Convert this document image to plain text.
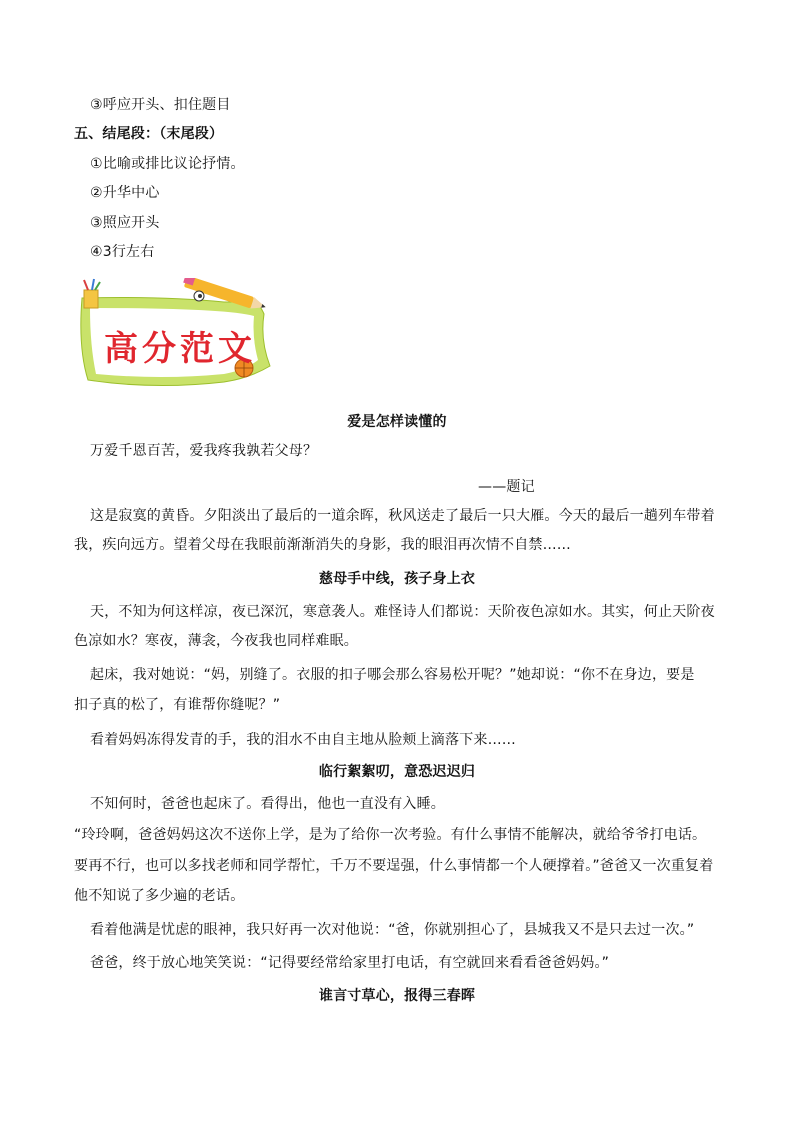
③呼应开头、扣住题目
五、结尾段：（末尾段）
①比喻或排比议论抒情。
②升华中心
③照应开头
④3行左右
高分范文
爱是怎样读懂的
万爱千恩百苦，爱我疼我孰若父母？
——题记
这是寂寞的黄昏。夕阳淡出了最后的一道余晖，秋风送走了最后一只大雁。今天的最后一趟列车带着
我，疾向远方。望着父母在我眼前渐渐消失的身影，我的眼泪再次情不自禁……
慈母手中线，孩子身上衣
天，不知为何这样凉，夜已深沉，寒意袭人。难怪诗人们都说：天阶夜色凉如水。其实，何止天阶夜
色凉如水？寒夜，薄衾，今夜我也同样难眠。
起床，我对她说：“妈，别缝了。衣服的扣子哪会那么容易松开呢？”她却说：“你不在身边，要是
扣子真的松了，有谁帮你缝呢？”
看着妈妈冻得发青的手，我的泪水不由自主地从脸颊上滴落下来……
临行絮絮叨，意恐迟迟归
不知何时，爸爸也起床了。看得出，他也一直没有入睡。
“玲玲啊，爸爸妈妈这次不送你上学，是为了给你一次考验。有什么事情不能解决，就给爷爷打电话。
要再不行，也可以多找老师和同学帮忙，千万不要逞强，什么事情都一个人硬撑着。”爸爸又一次重复着
他不知说了多少遍的老话。
看着他满是忧虑的眼神，我只好再一次对他说：“爸，你就别担心了，县城我又不是只去过一次。”
爸爸，终于放心地笑笑说：“记得要经常给家里打电话，有空就回来看看爸爸妈妈。”
谁言寸草心，报得三春晖
